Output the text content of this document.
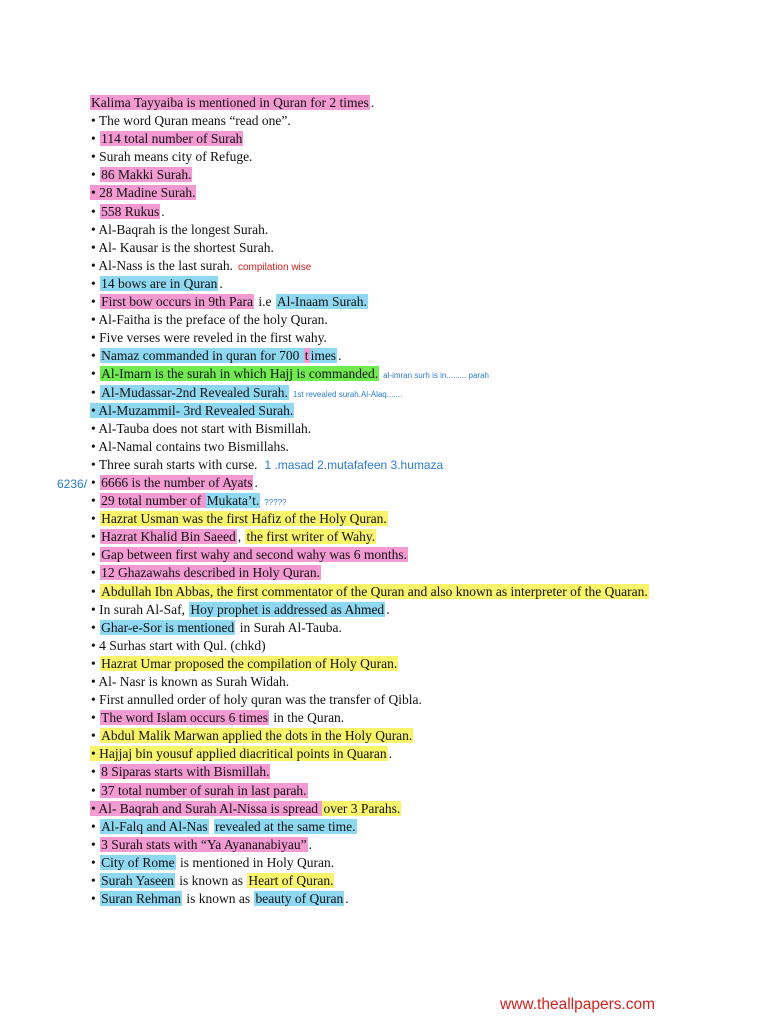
Kalima Tayyaiba is mentioned in Quran for 2 times .
• The word Quran means “read one”.
• 114 total number of Surah
• Surah means city of Refuge.
• 86 Makki Surah.
• 28 Madine Surah.
• 558 Rukus .
• Al-Baqrah is the longest Surah.
• Al- Kausar is the shortest Surah.
• Al-Nass is the last surah. compilation wise
• 14 bows are in Quran .
• First bow occurs in 9th Para i.e Al-Inaam Surah.
• Al-Faitha is the preface of the holy Quran.
• Five verses were reveled in the first wahy.
• Namaz commanded in quran for 700 t imes .
• Al-Imarn is the surah in which Hajj is commanded. al-imran surh is in......... parah
• Al-Mudassar-2nd Revealed Surah. 1st revealed surah.Al-Alaq.......
• Al-Muzammil- 3rd Revealed Surah.
• Al-Tauba does not start with Bismillah.
• Al-Namal contains two Bismillahs.
• Three surah starts with curse. 1 .masad 2.mutafafeen 3.humaza
6236/ • 6666 is the number of Ayats .
• 29 total number of Mukata’t. ?????
• Hazrat Usman was the first Hafiz of the Holy Quran.
• Hazrat Khalid Bin Saeed , the first writer of Wahy.
• Gap between first wahy and second wahy was 6 months.
• 12 Ghazawahs described in Holy Quran.
• Abdullah Ibn Abbas, the first commentator of the Quran and also known as interpreter of the Quaran.
• In surah Al-Saf, Hoy prophet is addressed as Ahmed .
• Ghar-e-Sor is mentioned in Surah Al-Tauba.
• 4 Surhas start with Qul. (chkd)
• Hazrat Umar proposed the compilation of Holy Quran.
• Al- Nasr is known as Surah Widah.
• First annulled order of holy quran was the transfer of Qibla.
• The word Islam occurs 6 times in the Quran.
• Abdul Malik Marwan applied the dots in the Holy Quran.
• Hajjaj bin yousuf applied diacritical points in Quaran .
• 8 Siparas starts with Bismillah.
• 37 total number of surah in last parah.
• Al- Baqrah and Surah Al-Nissa is spread over 3 Parahs.
• Al-Falq and Al-Nas revealed at the same time.
• 3 Surah stats with “Ya Ayananabiyau” .
• City of Rome is mentioned in Holy Quran.
• Surah Yaseen is known as Heart of Quran.
• Suran Rehman is known as beauty of Quran .
www.theallpapers.com
